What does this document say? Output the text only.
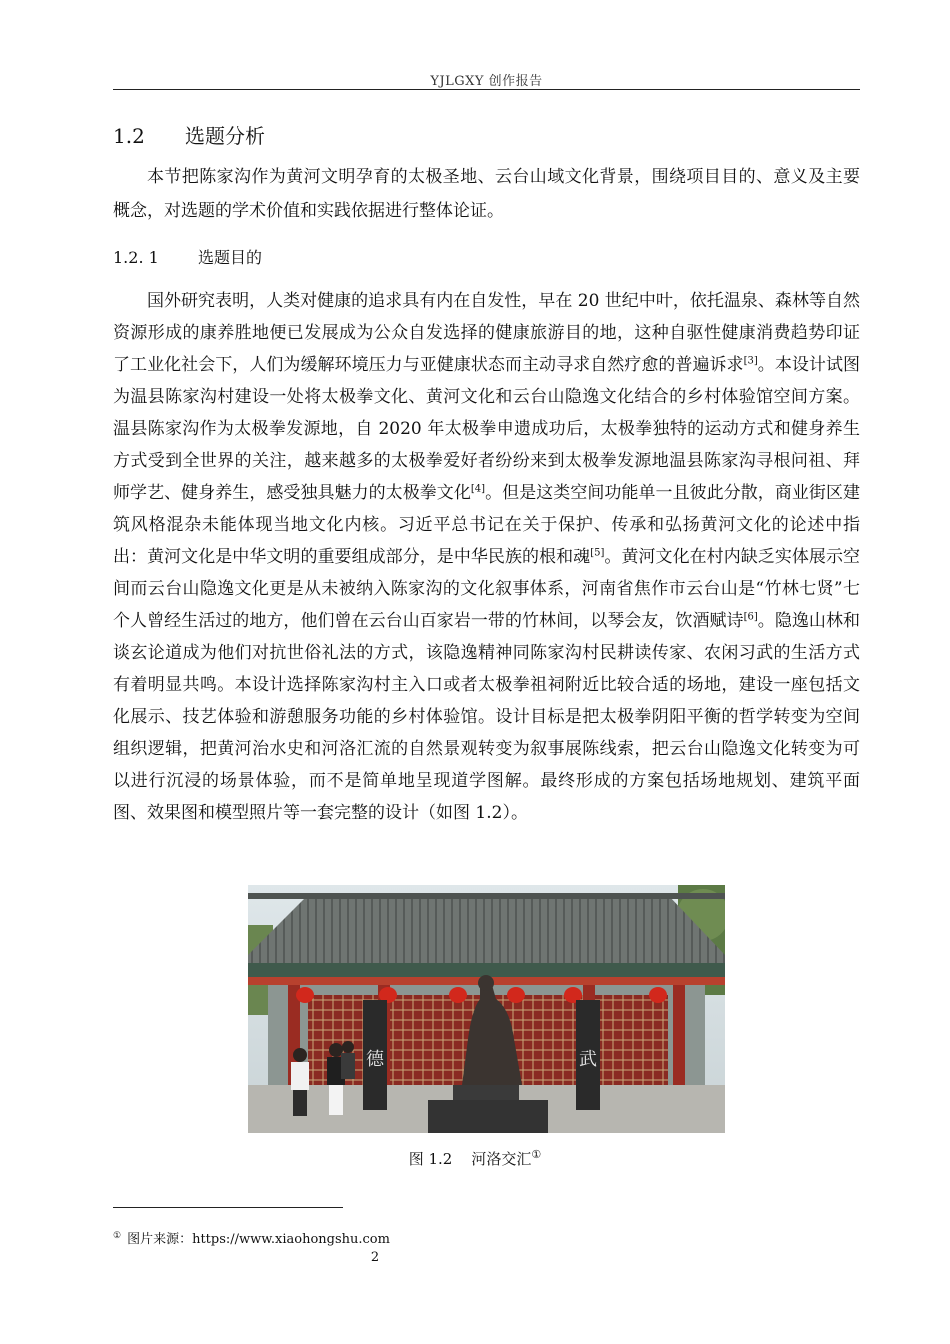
YJLGXY 创作报告
1.2 选题分析
本节把陈家沟作为黄河文明孕育的太极圣地、云台山域文化背景，围绕项目目的、意义及主要概念，对选题的学术价值和实践依据进行整体论证。
1.2. 1 选题目的

国外研究表明，人类对健康的追求具有内在自发性，早在 20 世纪中叶，依托温泉、森林等自然资源形成的康养胜地便已发展成为公众自发选择的健康旅游目的地，这种自驱性健康消费趋势印证了工业化社会下，人们为缓解环境压力与亚健康状态而主动寻求自然疗愈的普遍诉求[3]。本设计试图为温县陈家沟村建设一处将太极拳文化、黄河文化和云台山隐逸文化结合的乡村体验馆空间方案。温县陈家沟作为太极拳发源地，自 2020 年太极拳申遗成功后，太极拳独特的运动方式和健身养生方式受到全世界的关注，越来越多的太极拳爱好者纷纷来到太极拳发源地温县陈家沟寻根问祖、拜师学艺、健身养生，感受独具魅力的太极拳文化[4]。但是这类空间功能单一且彼此分散，商业街区建筑风格混杂未能体现当地文化内核。习近平总书记在关于保护、传承和弘扬黄河文化的论述中指出：黄河文化是中华文明的重要组成部分，是中华民族的根和魂[5]。黄河文化在村内缺乏实体展示空间而云台山隐逸文化更是从未被纳入陈家沟的文化叙事体系，河南省焦作市云台山是“竹林七贤”七个人曾经生活过的地方，他们曾在云台山百家岩一带的竹林间，以琴会友，饮酒赋诗[6]。隐逸山林和谈玄论道成为他们对抗世俗礼法的方式，该隐逸精神同陈家沟村民耕读传家、农闲习武的生活方式有着明显共鸣。本设计选择陈家沟村主入口或者太极拳祖祠附近比较合适的场地，建设一座包括文化展示、技艺体验和游憩服务功能的乡村体验馆。设计目标是把太极拳阴阳平衡的哲学转变为空间组织逻辑，把黄河治水史和河洛汇流的自然景观转变为叙事展陈线索，把云台山隐逸文化转变为可以进行沉浸的场景体验，而不是简单地呈现道学图解。最终形成的方案包括场地规划、建筑平面图、效果图和模型照片等一套完整的设计（如图 1.2）。

德	武
图 1.2 河洛交汇①
① 图片来源：https://www.xiaohongshu.com
2
